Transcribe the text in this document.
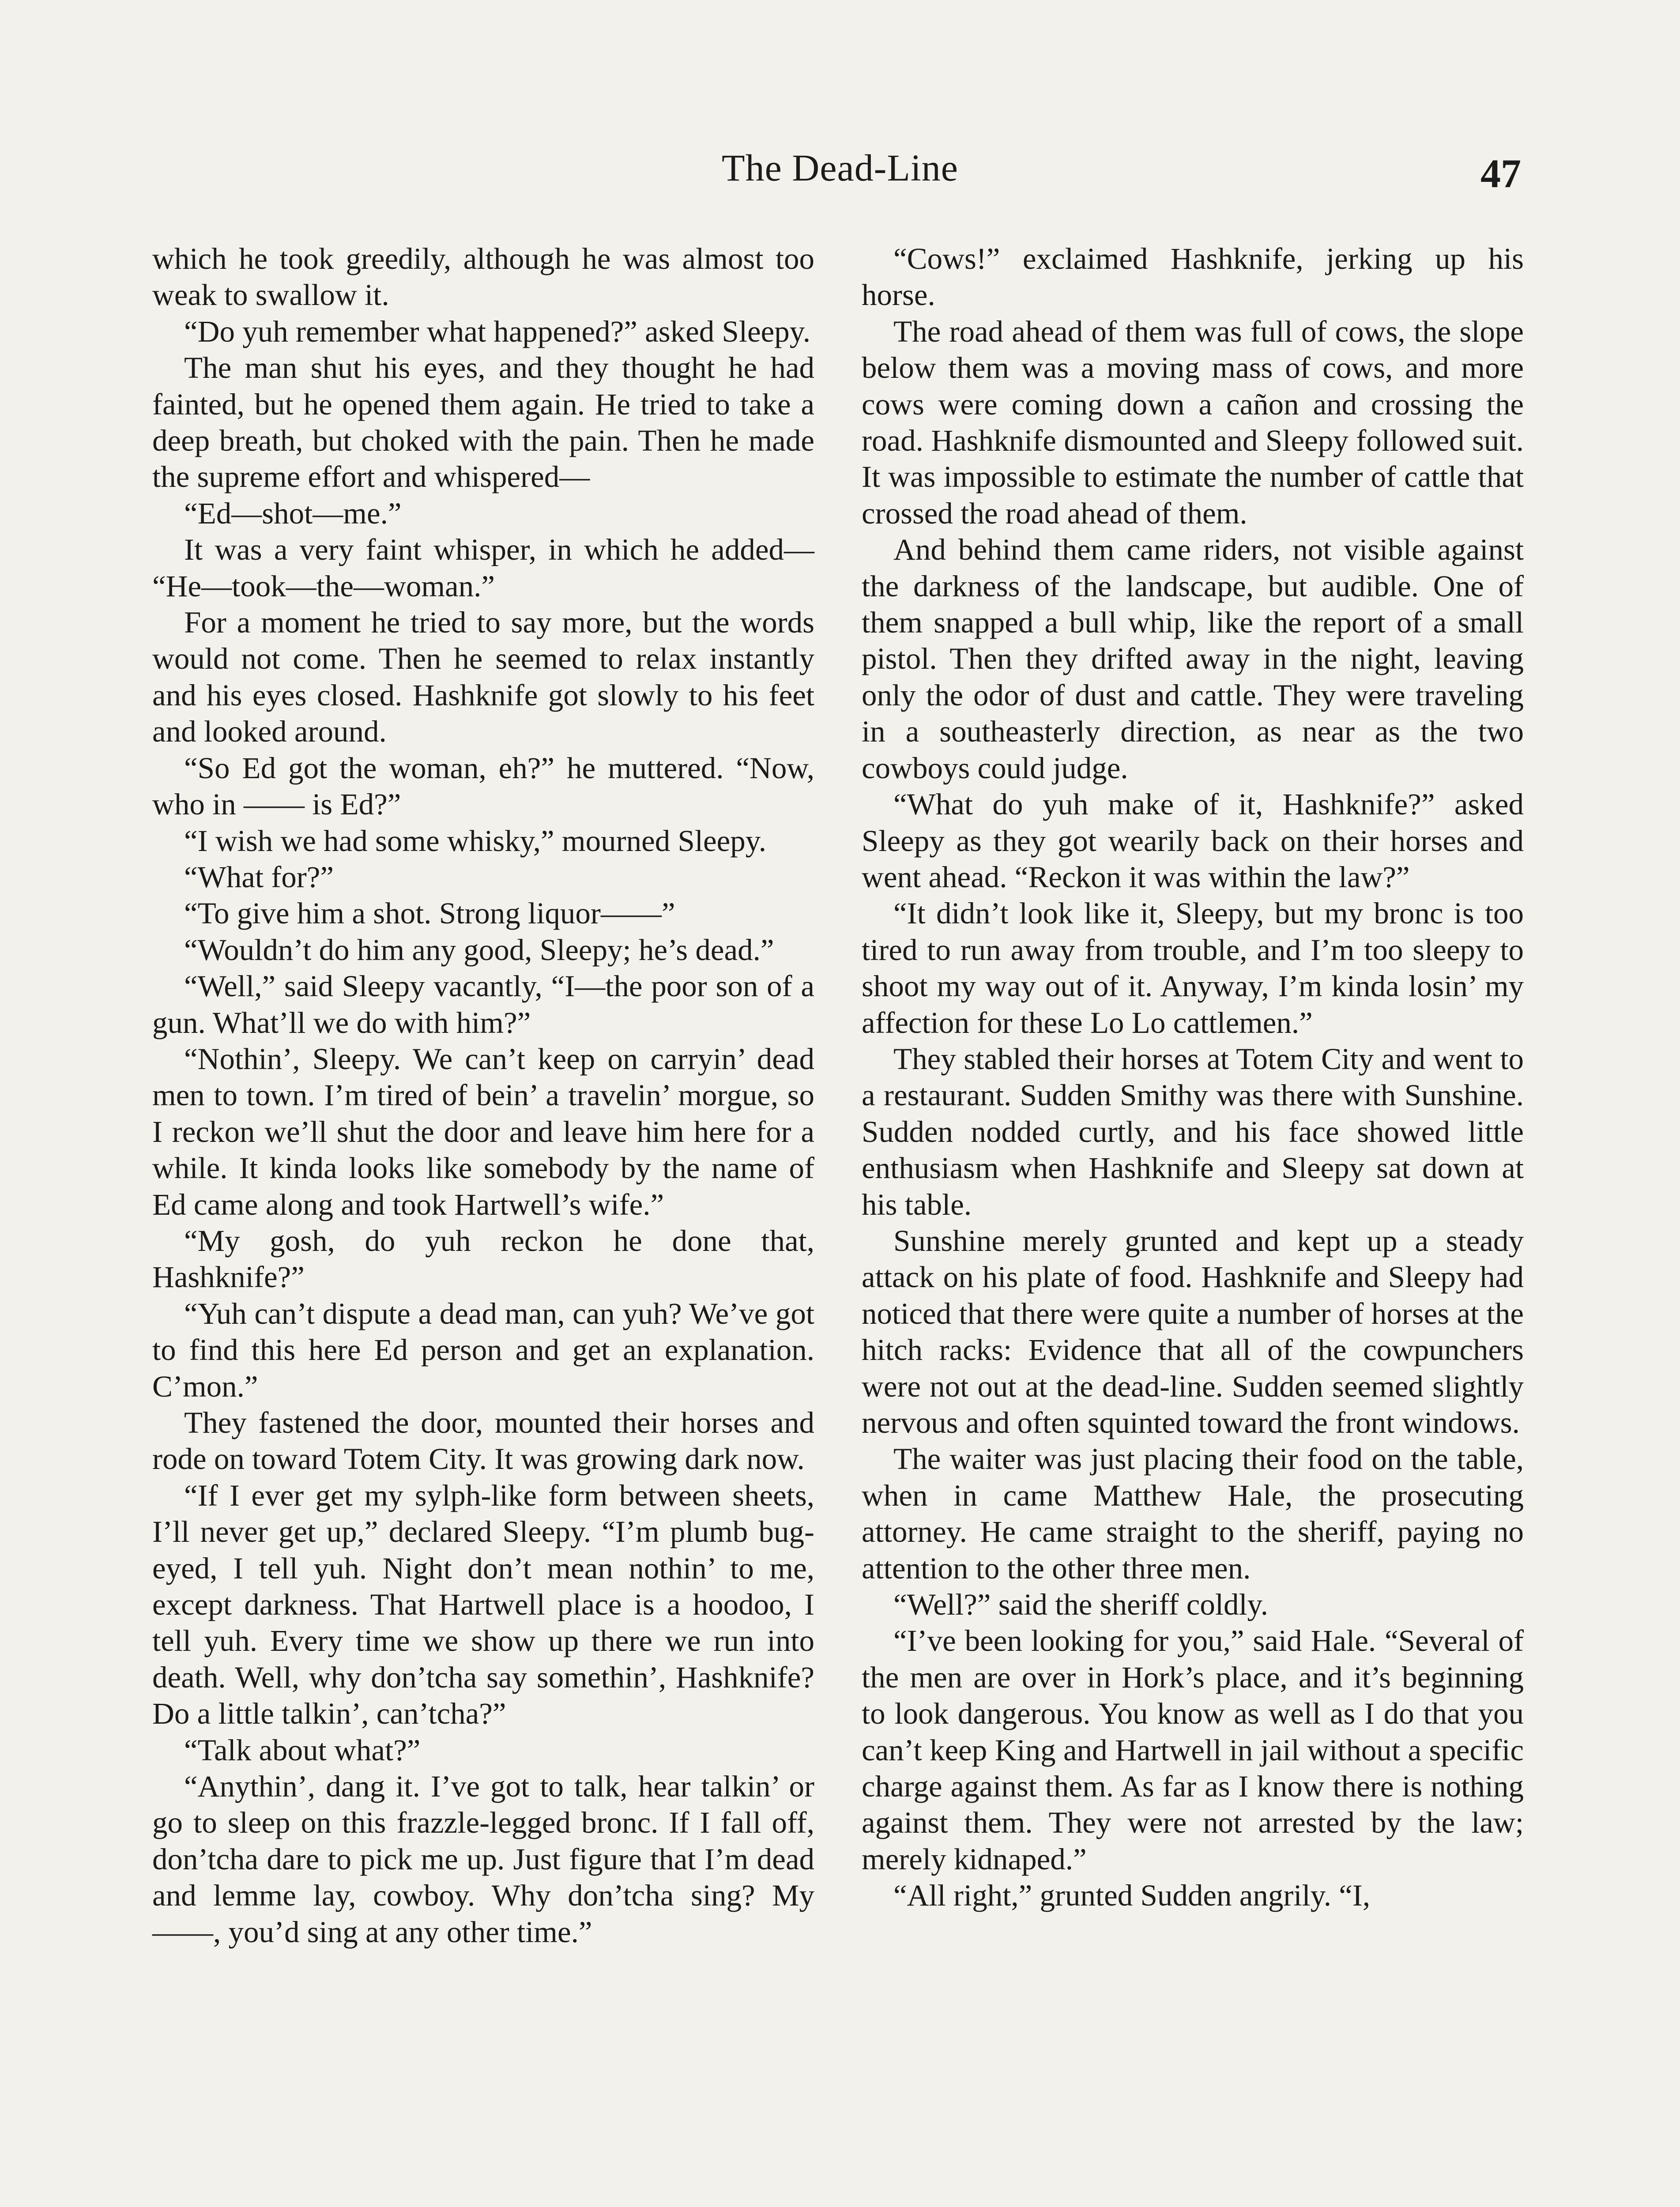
The Dead-Line	47

which he took greedily, although he was almost too weak to swallow it.

“Do yuh remember what happened?” asked Sleepy.

The man shut his eyes, and they thought he had fainted, but he opened them again. He tried to take a deep breath, but choked with the pain. Then he made the supreme effort and whispered—

“Ed—shot—me.”

It was a very faint whisper, in which he added— “He—took—the—woman.”

For a moment he tried to say more, but the words would not come. Then he seemed to relax instantly and his eyes closed. Hashknife got slowly to his feet and looked around.

“So Ed got the woman, eh?” he muttered. “Now, who in —— is Ed?”

“I wish we had some whisky,” mourned Sleepy.

“What for?”

“To give him a shot. Strong liquor——”

“Wouldn’t do him any good, Sleepy; he’s dead.”

“Well,” said Sleepy vacantly, “I—the poor son of a gun. What’ll we do with him?”

“Nothin’, Sleepy. We can’t keep on carryin’ dead men to town. I’m tired of bein’ a travelin’ morgue, so I reckon we’ll shut the door and leave him here for a while. It kinda looks like somebody by the name of Ed came along and took Hartwell’s wife.”

“My gosh, do yuh reckon he done that, Hashknife?”

“Yuh can’t dispute a dead man, can yuh? We’ve got to find this here Ed person and get an explanation. C’mon.”

They fastened the door, mounted their horses and rode on toward Totem City. It was growing dark now.

“If I ever get my sylph-like form between sheets, I’ll never get up,” declared Sleepy. “I’m plumb bug-eyed, I tell yuh. Night don’t mean nothin’ to me, except darkness. That Hartwell place is a hoodoo, I tell yuh. Every time we show up there we run into death. Well, why don’tcha say somethin’, Hashknife? Do a little talkin’, can’tcha?”

“Talk about what?”

“Anythin’, dang it. I’ve got to talk, hear talkin’ or go to sleep on this frazzle-legged bronc. If I fall off, don’tcha dare to pick me up. Just figure that I’m dead and lemme lay, cowboy. Why don’tcha sing? My ——, you’d sing at any other time.”

“Cows!” exclaimed Hashknife, jerking up his horse.

The road ahead of them was full of cows, the slope below them was a moving mass of cows, and more cows were coming down a cañon and crossing the road. Hashknife dismounted and Sleepy followed suit. It was impossible to estimate the number of cattle that crossed the road ahead of them.

And behind them came riders, not visible against the darkness of the landscape, but audible. One of them snapped a bull whip, like the report of a small pistol. Then they drifted away in the night, leaving only the odor of dust and cattle. They were traveling in a southeasterly direction, as near as the two cowboys could judge.

“What do yuh make of it, Hashknife?” asked Sleepy as they got wearily back on their horses and went ahead. “Reckon it was within the law?”

“It didn’t look like it, Sleepy, but my bronc is too tired to run away from trouble, and I’m too sleepy to shoot my way out of it. Anyway, I’m kinda losin’ my affection for these Lo Lo cattlemen.”

They stabled their horses at Totem City and went to a restaurant. Sudden Smithy was there with Sunshine. Sudden nodded curtly, and his face showed little enthusiasm when Hashknife and Sleepy sat down at his table.

Sunshine merely grunted and kept up a steady attack on his plate of food. Hashknife and Sleepy had noticed that there were quite a number of horses at the hitch racks: Evidence that all of the cowpunchers were not out at the dead-line. Sudden seemed slightly nervous and often squinted toward the front windows.

The waiter was just placing their food on the table, when in came Matthew Hale, the prosecuting attorney. He came straight to the sheriff, paying no attention to the other three men.

“Well?” said the sheriff coldly.

“I’ve been looking for you,” said Hale. “Several of the men are over in Hork’s place, and it’s beginning to look dangerous. You know as well as I do that you can’t keep King and Hartwell in jail without a specific charge against them. As far as I know there is nothing against them. They were not arrested by the law; merely kidnaped.”

“All right,” grunted Sudden angrily. “I,
